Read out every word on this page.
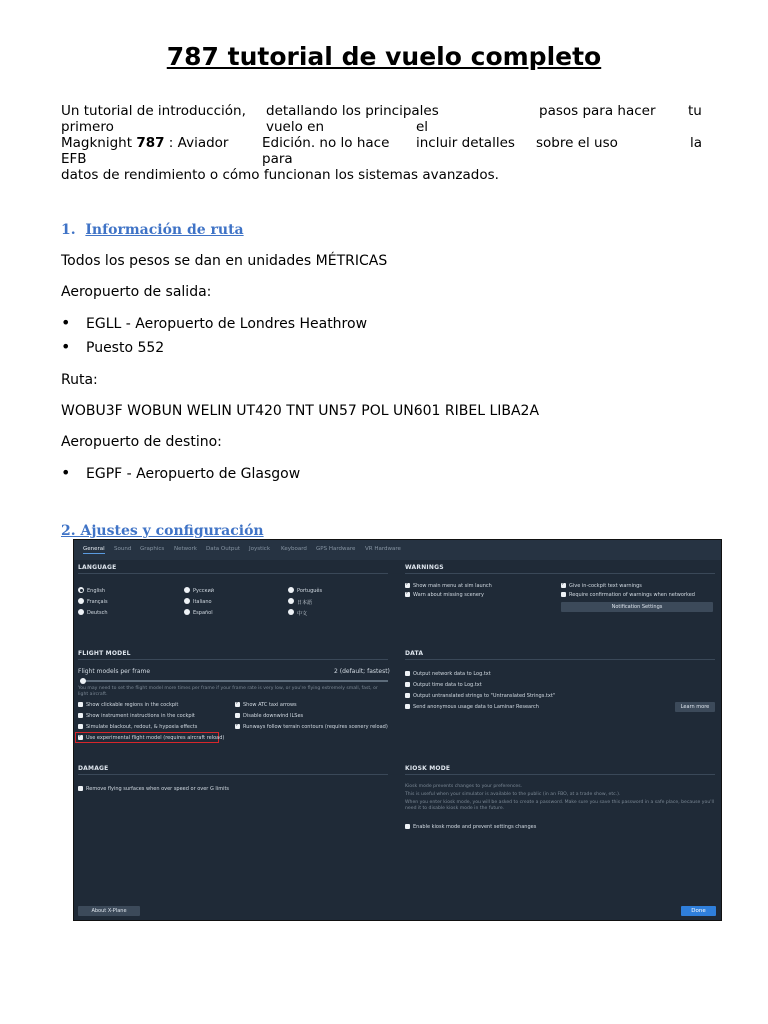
787 tutorial de vuelo completo
Un tutorial de introducción, detallando los principales	pasos para hacer tu
primero	vuelo en	el
Magknight 787 : Aviador Edición. no lo hace incluir detalles sobre el uso	la
EFB	para
datos de rendimiento o cómo funcionan los sistemas avanzados.
1. Información de ruta
Todos los pesos se dan en unidades MÉTRICAS
Aeropuerto de salida:
• EGLL - Aeropuerto de Londres Heathrow
• Puesto 552
Ruta:
WOBU3F WOBUN WELIN UT420 TNT UN57 POL UN601 RIBEL LIBA2A
Aeropuerto de destino:
• EGPF - Aeropuerto de Glasgow
2. Ajustes y configuración
General Sound Graphics Network Data Output Joystick Keyboard GPS Hardware VR Hardware
LANGUAGE
English
Français
Deutsch
Русский
Italiano
Español
Português
日本語
中文
WARNINGS
✓
Show main menu at sim launch
✓
Warn about missing scenery
✓
Give in-cockpit text warnings
Require confirmation of warnings when networked
Notification Settings
FLIGHT MODEL
Flight models per frame	2 (default; fastest)
You may need to set the flight model more times per frame if your frame rate is very low, or you're flying extremely small, fast, or light aircraft.
Show clickable regions in the cockpit
Show instrument instructions in the cockpit
Simulate blackout, redout, & hypoxia effects
✓
Use experimental flight model (requires aircraft reload)
✓
Show ATC taxi arrows
Disable downwind ILSes
✓
Runways follow terrain contours (requires scenery reload)
DATA
Output network data to Log.txt
Output time data to Log.txt
Output untranslated strings to "Untranslated Strings.txt"
Send anonymous usage data to Laminar Research	Learn more
DAMAGE
Remove flying surfaces when over speed or over G limits
KIOSK MODE
Kiosk mode prevents changes to your preferences.
This is useful when your simulator is available to the public (in an FBO, at a trade show, etc.).
When you enter kiosk mode, you will be asked to create a password. Make sure you save this password in a safe place, because you'll need it to disable kiosk mode in the future.
Enable kiosk mode and prevent settings changes
About X-Plane	Done
